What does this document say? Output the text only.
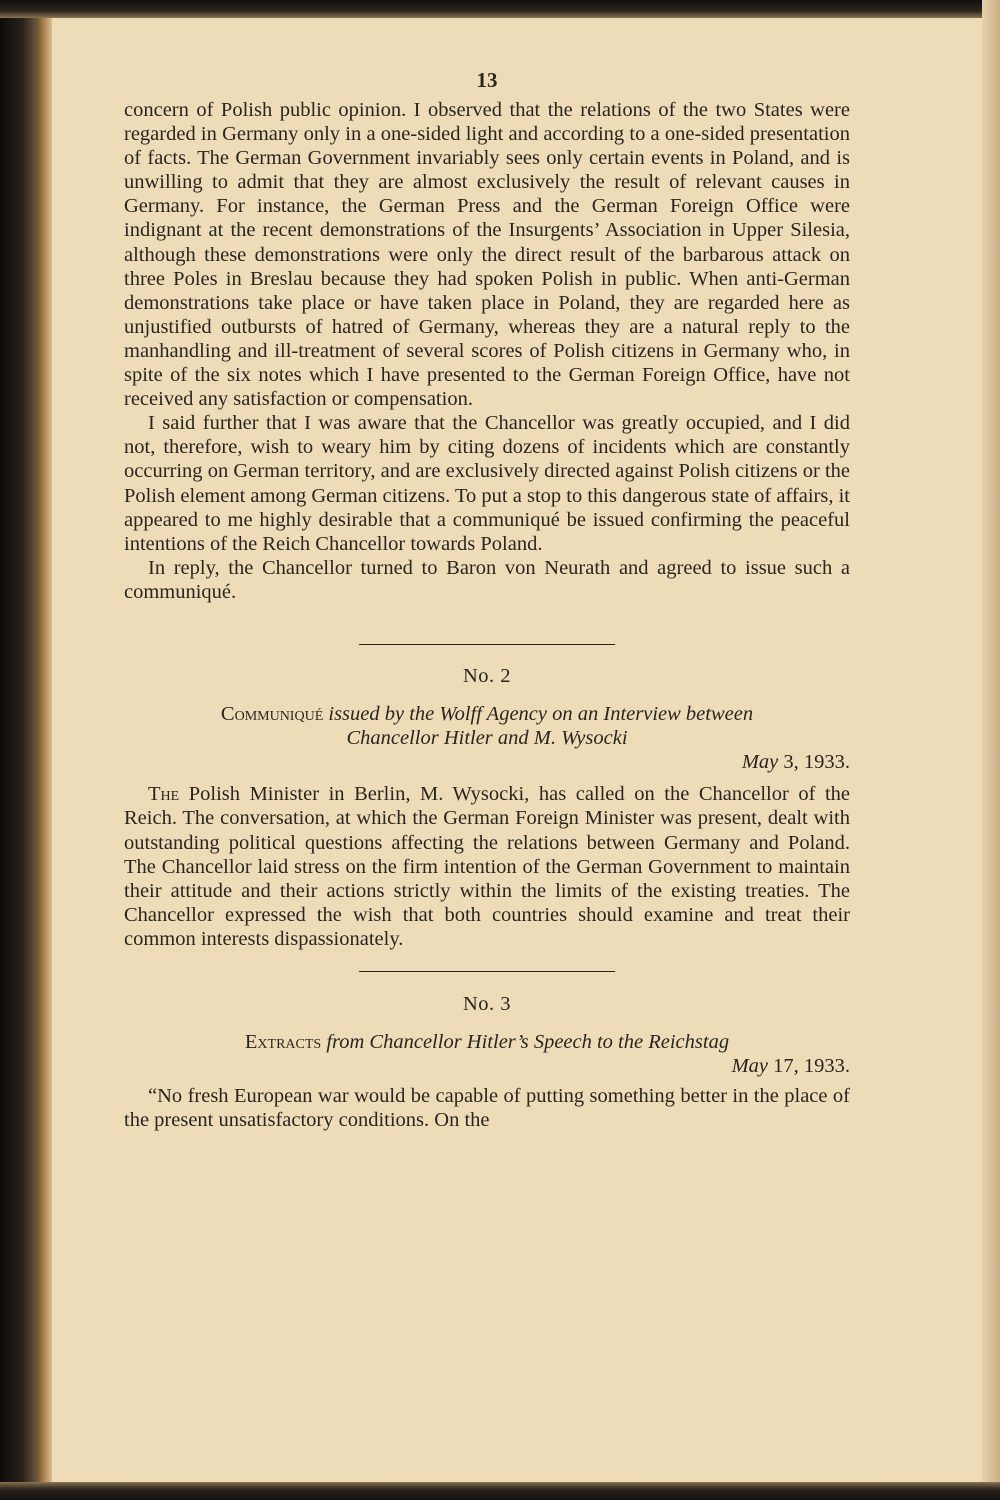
13

concern of Polish public opinion. I observed that the relations of the two States were regarded in Germany only in a one-sided light and according to a one-sided presentation of facts. The German Government invariably sees only certain events in Poland, and is unwilling to admit that they are almost exclusively the result of relevant causes in Germany. For instance, the German Press and the German Foreign Office were indignant at the recent demonstrations of the Insurgents’ Association in Upper Silesia, although these demonstrations were only the direct result of the barbarous attack on three Poles in Breslau because they had spoken Polish in public. When anti-German demonstrations take place or have taken place in Poland, they are regarded here as unjustified outbursts of hatred of Germany, whereas they are a natural reply to the manhandling and ill-treatment of several scores of Polish citizens in Germany who, in spite of the six notes which I have presented to the German Foreign Office, have not received any satisfaction or compensation.

I said further that I was aware that the Chancellor was greatly occupied, and I did not, therefore, wish to weary him by citing dozens of incidents which are constantly occurring on German territory, and are exclusively directed against Polish citizens or the Polish element among German citizens. To put a stop to this dangerous state of affairs, it appeared to me highly desirable that a communiqué be issued confirming the peaceful intentions of the Reich Chancellor towards Poland.

In reply, the Chancellor turned to Baron von Neurath and agreed to issue such a communiqué.

No. 2
Communiqué issued by the Wolff Agency on an Interview between
Chancellor Hitler and M. Wysocki
May 3, 1933.

The Polish Minister in Berlin, M. Wysocki, has called on the Chancellor of the Reich. The conversation, at which the German Foreign Minister was present, dealt with outstanding political questions affecting the relations between Germany and Poland. The Chancellor laid stress on the firm intention of the German Government to maintain their attitude and their actions strictly within the limits of the existing treaties. The Chancellor expressed the wish that both countries should examine and treat their common interests dispassionately.

No. 3
Extracts from Chancellor Hitler’s Speech to the Reichstag
May 17, 1933.

“No fresh European war would be capable of putting something better in the place of the present unsatisfactory conditions. On the
